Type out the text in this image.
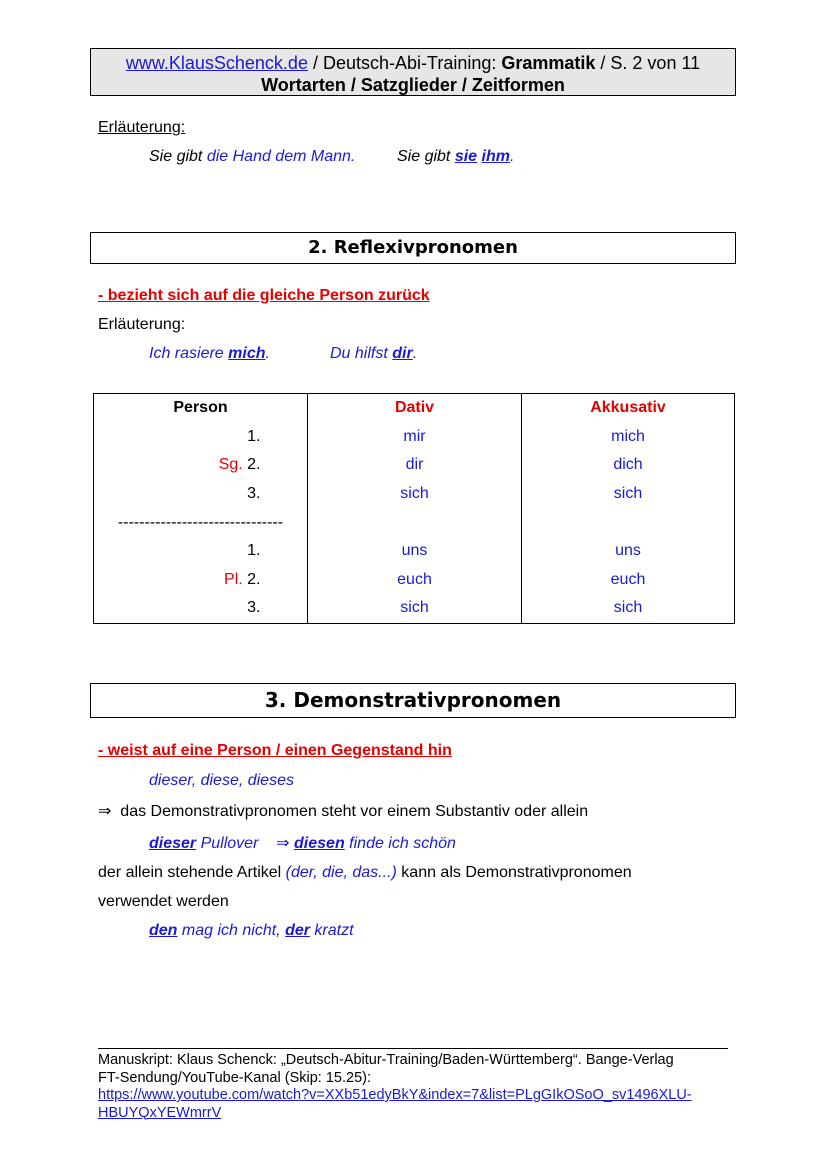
www.KlausSchenck.de / Deutsch-Abi-Training: Grammatik / S. 2 von 11
Wortarten / Satzglieder / Zeitformen
Erläuterung:
Sie gibt die Hand dem Mann.	Sie gibt sie ihm.
2. Reflexivpronomen
- bezieht sich auf die gleiche Person zurück
Erläuterung:
Ich rasiere mich.	Du hilfst dir.
Person	Dativ	Akkusativ
1.	mir	mich
Sg. 2.	dir	dich
3.	sich	sich
-------------------------------		
1.	uns	uns
Pl. 2.	euch	euch
3.	sich	sich
3. Demonstrativpronomen
- weist auf eine Person / einen Gegenstand hin
dieser, diese, dieses
⇒ das Demonstrativpronomen steht vor einem Substantiv oder allein
dieser Pullover ⇒ diesen finde ich schön
der allein stehende Artikel (der, die, das...) kann als Demonstrativpronomen
verwendet werden
den mag ich nicht, der kratzt
Manuskript: Klaus Schenck: „Deutsch-Abitur-Training/Baden-Württemberg“. Bange-Verlag
FT-Sendung/YouTube-Kanal (Skip: 15.25):
https://www.youtube.com/watch?v=XXb51edyBkY&index=7&list=PLgGIkOSoO_sv1496XLU-
HBUYQxYEWmrrV
